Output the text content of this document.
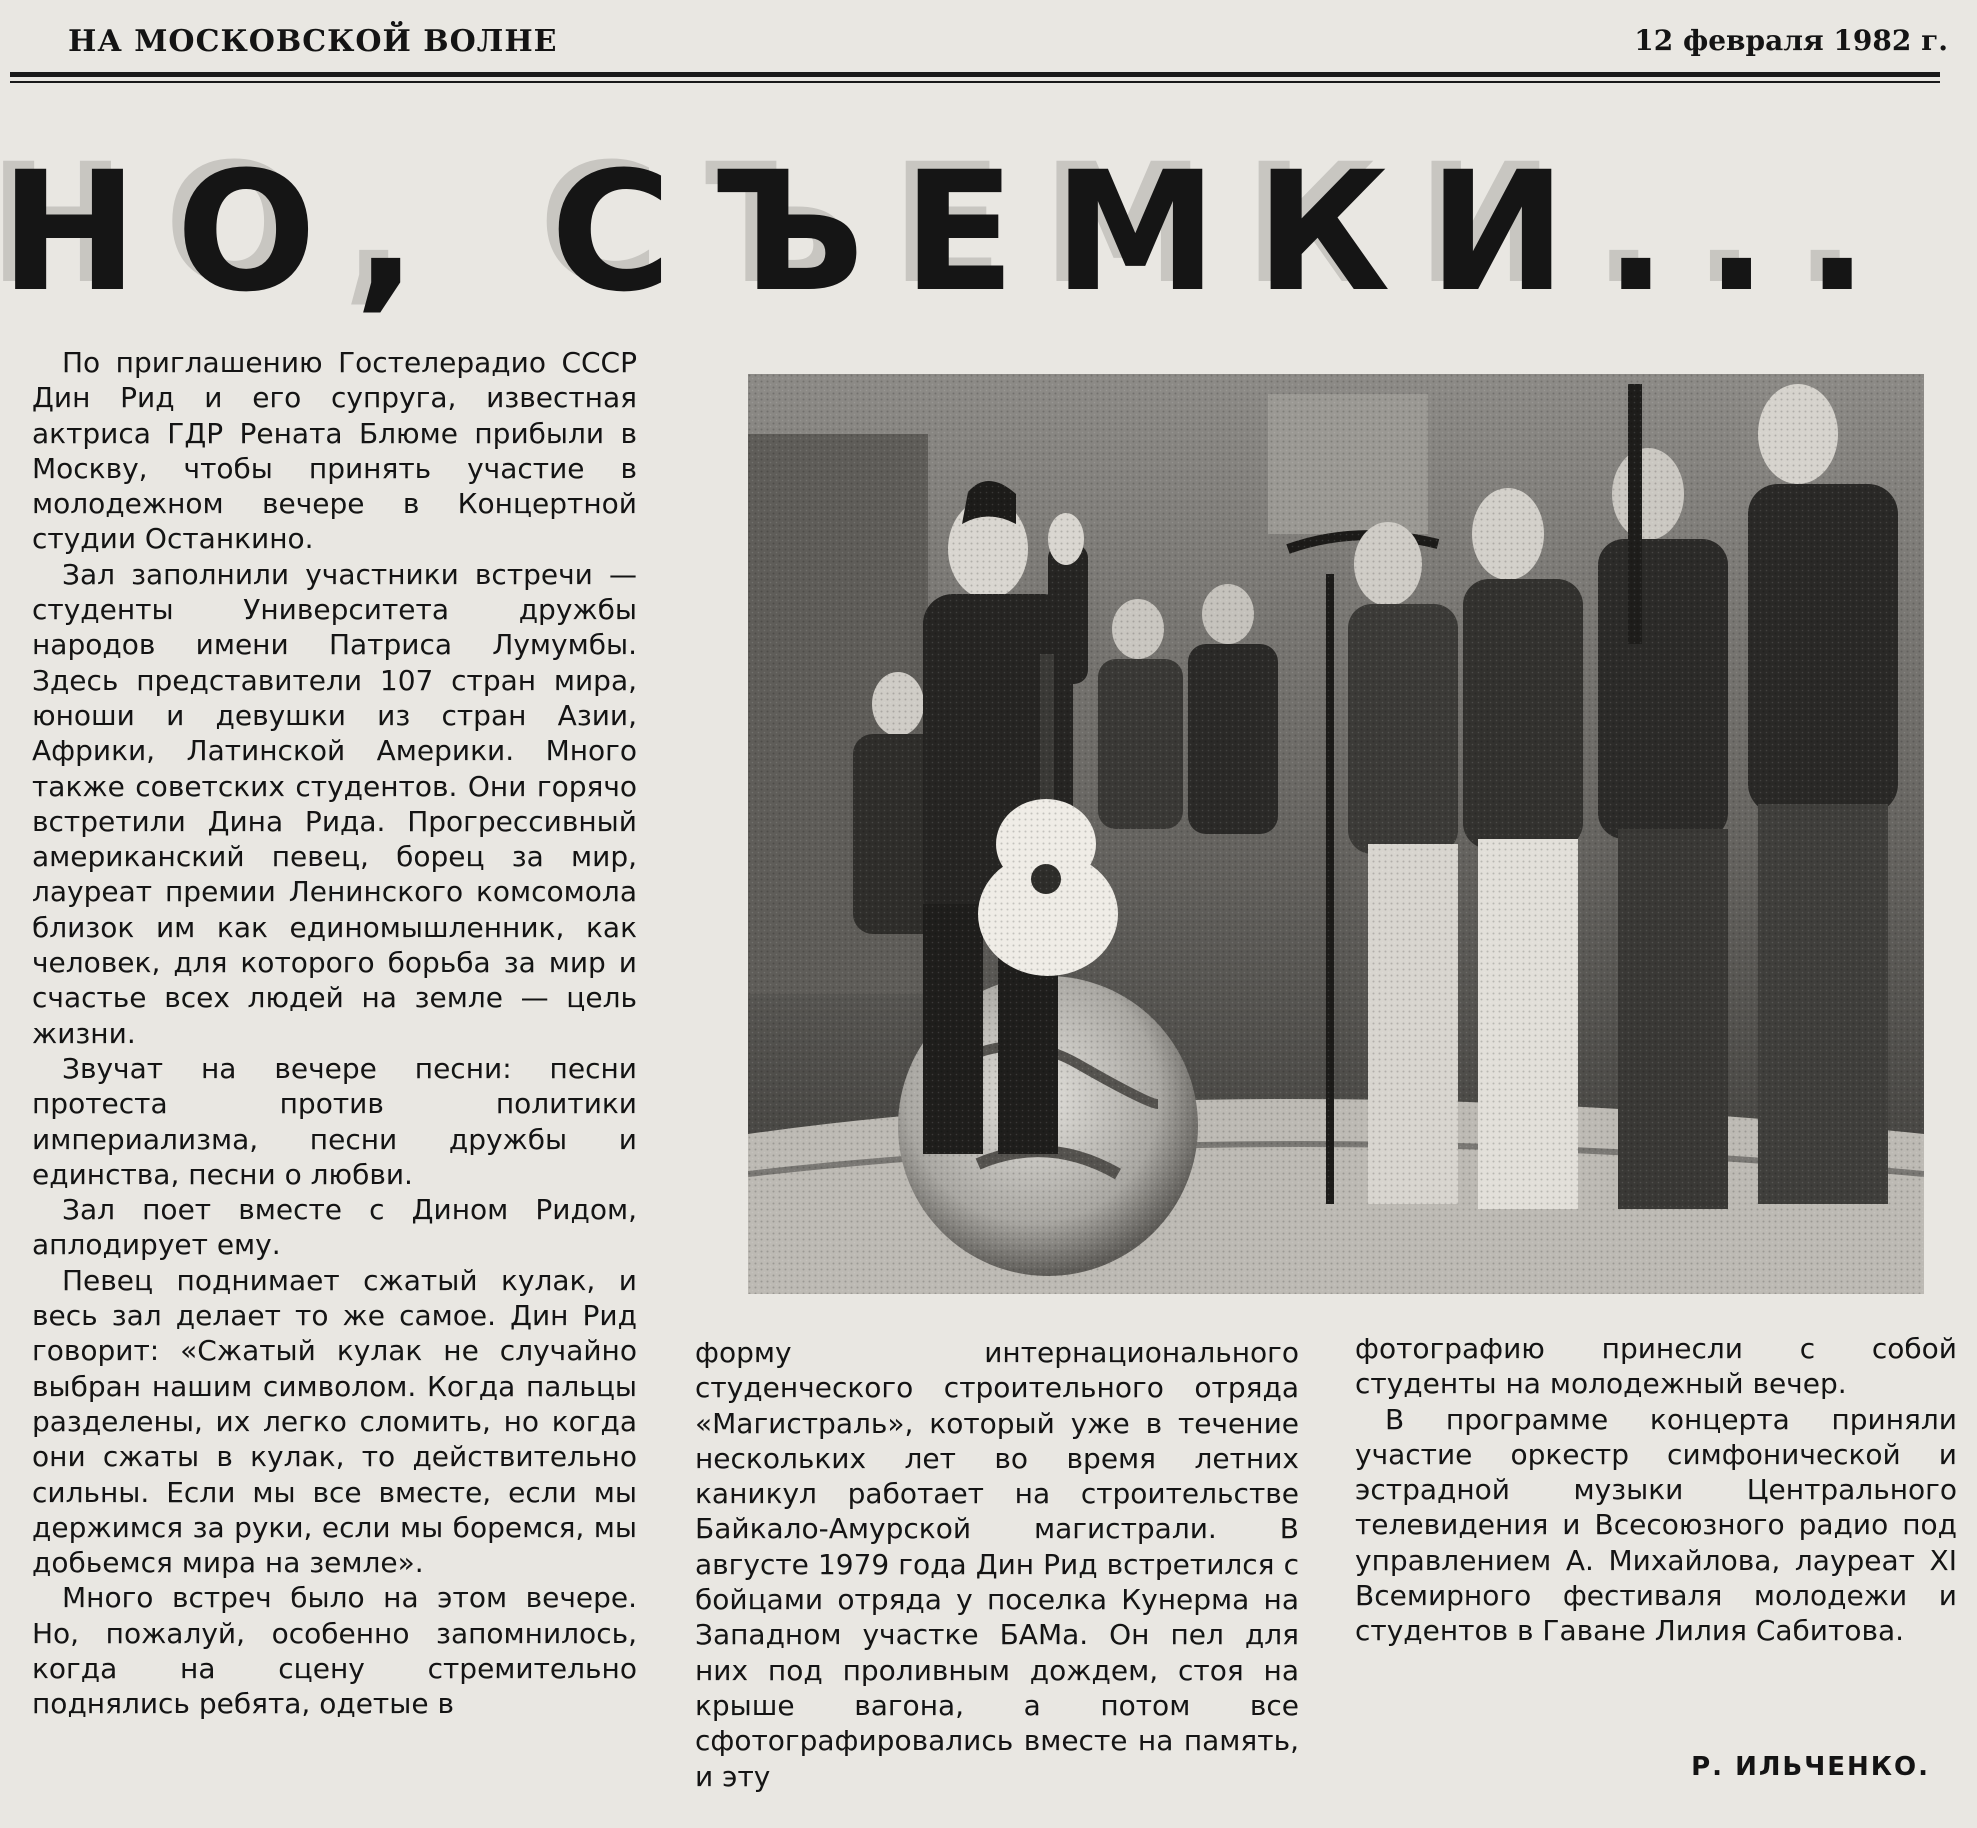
НА МОСКОВСКОЙ ВОЛНЕ	12 февраля 1982 г.
НО, СЪЕМКИ...

По приглашению Гостелерадио СССР Дин Рид и его супруга, известная актриса ГДР Рената Блюме прибыли в Москву, чтобы принять участие в молодежном вечере в Концертной студии Останкино.

Зал заполнили участники встречи — студенты Университета дружбы народов имени Патриса Лумумбы. Здесь представители 107 стран мира, юноши и девушки из стран Азии, Африки, Латинской Америки. Много также советских студентов. Они горячо встретили Дина Рида. Прогрессивный американский певец, борец за мир, лауреат премии Ленинского комсомола близок им как единомышленник, как человек, для которого борьба за мир и счастье всех людей на земле — цель жизни.

Звучат на вечере песни: песни протеста против политики империализма, песни дружбы и единства, песни о любви.

Зал поет вместе с Дином Ридом, аплодирует ему.

Певец поднимает сжатый кулак, и весь зал делает то же самое. Дин Рид говорит: «Сжатый кулак не случайно выбран нашим символом. Когда пальцы разделены, их легко сломить, но когда они сжаты в кулак, то действительно сильны. Если мы все вместе, если мы держимся за руки, если мы боремся, мы добьемся мира на земле».

Много встреч было на этом вечере. Но, пожалуй, особенно запомнилось, когда на сцену стремительно поднялись ребята, одетые в

форму интернационального студенческого строительного отряда «Магистраль», который уже в течение нескольких лет во время летних каникул работает на строительстве Байкало-Амурской магистрали. В августе 1979 года Дин Рид встретился с бойцами отряда у поселка Кунерма на Западном участке БАМа. Он пел для них под проливным дождем, стоя на крыше вагона, а потом все сфотографировались вместе на память, и эту

фотографию принесли с собой студенты на молодежный вечер.

В программе концерта приняли участие оркестр симфонической и эстрадной музыки Центрального телевидения и Всесоюзного радио под управлением А. Михайлова, лауреат XI Всемирного фестиваля молодежи и студентов в Гаване Лилия Сабитова.

Р. ИЛЬЧЕНКО.
